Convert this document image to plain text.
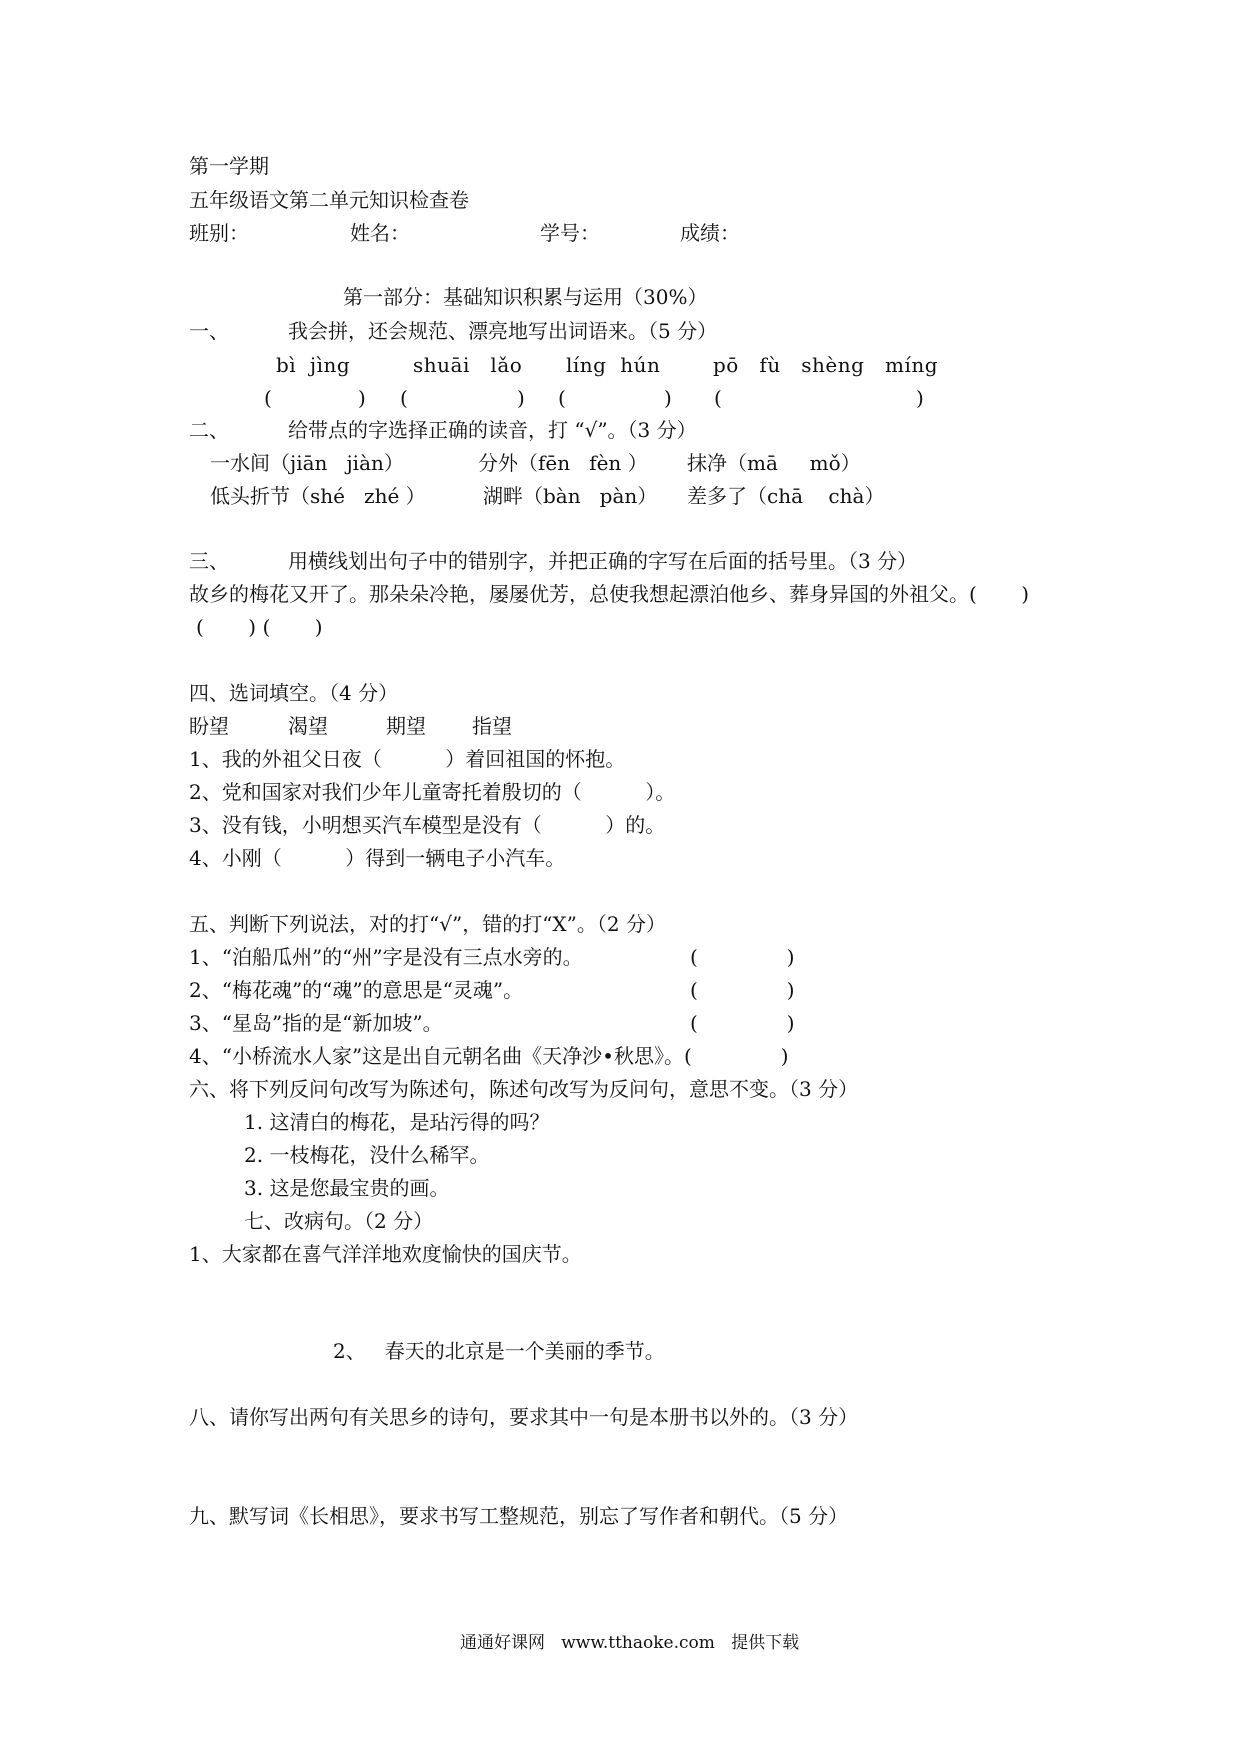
第一学期
五年级语文第二单元知识检查卷
班别：	姓名：	学号：	成绩：
第一部分：基础知识积累与运用（30%）
一、	我会拼，还会规范、漂亮地写出词语来。（5 分）
bì  jìng	shuāi   lǎo líng  hún	pō   fù   shèng   míng
(	) (	) (	) (	)
二、	给带点的字选择正确的读音，打 “√”。（3 分）
一水间（jiān   jiàn）	分外（fēn   fèn ） 抹净（mā     mǒ）
低头折节（shé   zhé ）	湖畔（bàn   pàn） 差多了（chā    chà）
三、	用横线划出句子中的错别字，并把正确的字写在后面的括号里。（3 分）
故乡的梅花又开了。那朵朵冷艳，屡屡优芳，总使我想起漂泊他乡、葬身异国的外祖父。(       )
(       ) (       )
四、选词填空。（4 分）
盼望	渴望	期望 指望
1、我的外祖父日夜（          ）着回祖国的怀抱。
2、党和国家对我们少年儿童寄托着殷切的（          ）。
3、没有钱，小明想买汽车模型是没有（          ）的。
4、小刚（          ）得到一辆电子小汽车。
五、判断下列说法，对的打“√”，错的打“X”。（2 分）
1、“泊船瓜州”的“州”字是没有三点水旁的。	(              )
2、“梅花魂”的“魂”的意思是“灵魂”。	(              )
3、“星岛”指的是“新加坡”。	(              )
4、“小桥流水人家”这是出自元朝名曲《天净沙•秋思》。(              )
六、将下列反问句改写为陈述句，陈述句改写为反问句，意思不变。（3 分）
1. 这清白的梅花，是玷污得的吗？
2. 一枝梅花，没什么稀罕。
3. 这是您最宝贵的画。
七、改病句。（2 分）
1、大家都在喜气洋洋地欢度愉快的国庆节。
2、   春天的北京是一个美丽的季节。
八、请你写出两句有关思乡的诗句，要求其中一句是本册书以外的。（3 分）
九、默写词《长相思》，要求书写工整规范，别忘了写作者和朝代。（5 分）
通通好课网   www.tthaoke.com   提供下载
